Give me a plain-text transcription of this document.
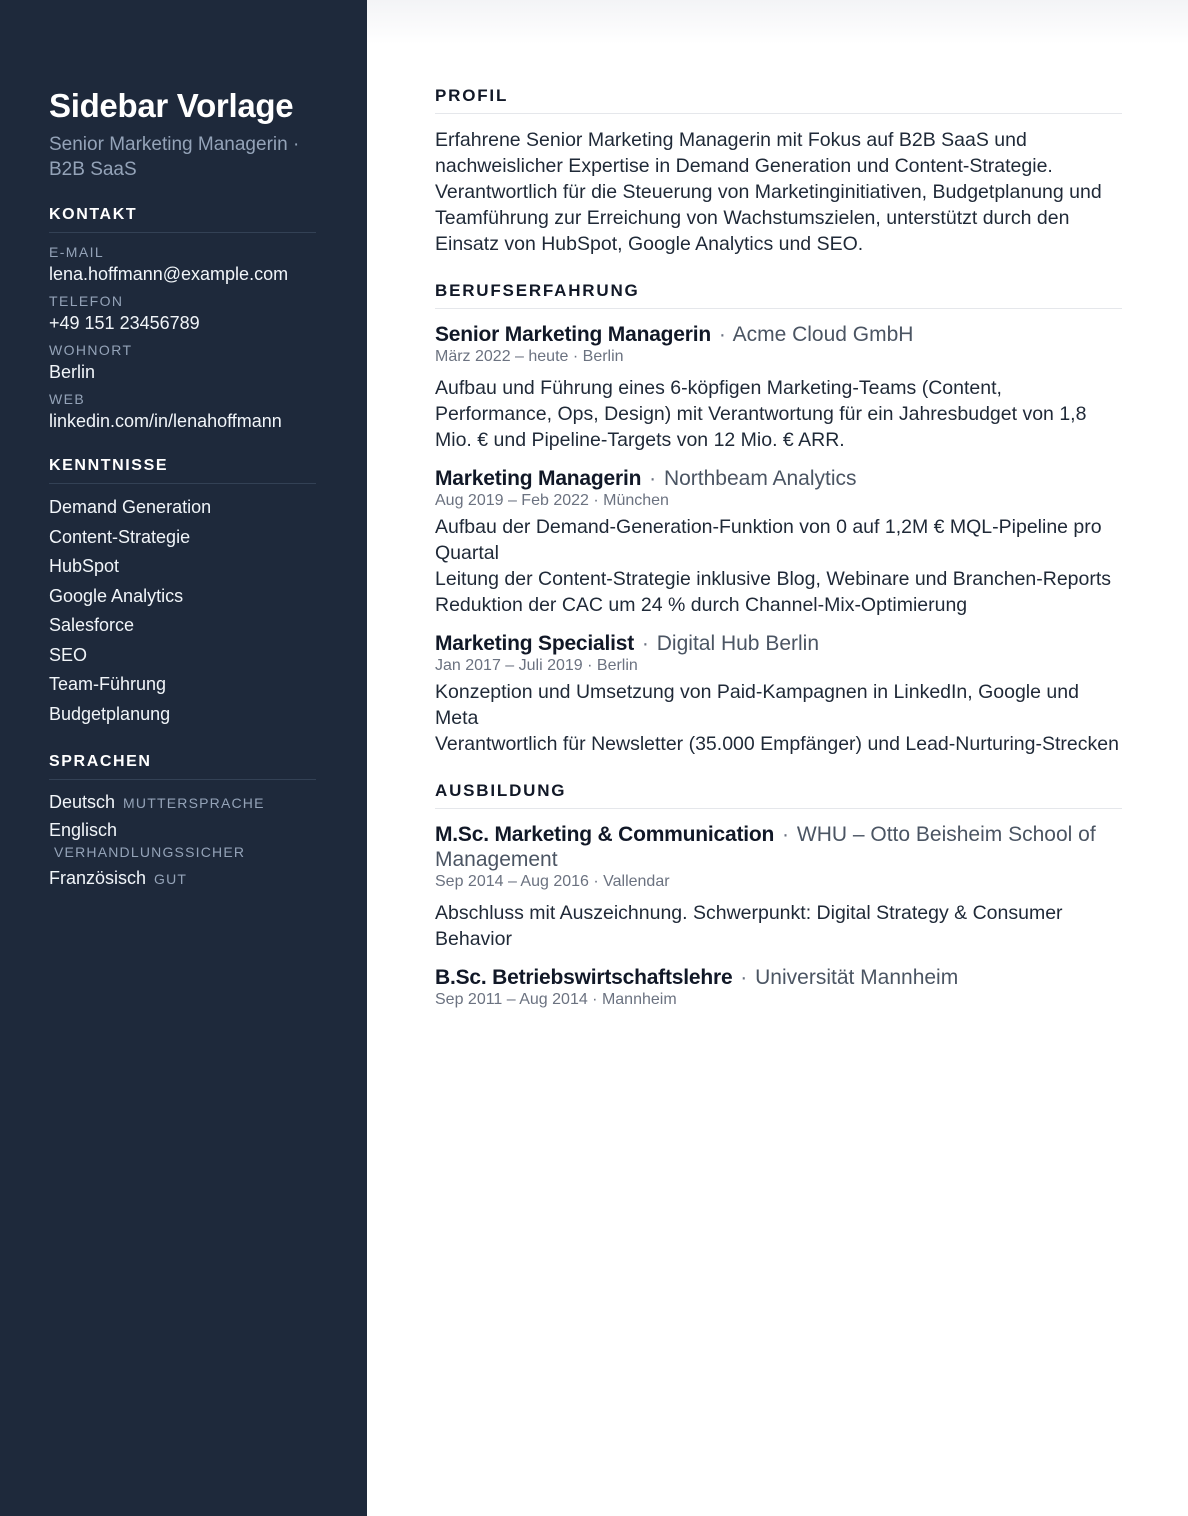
Sidebar Vorlage
Senior Marketing Managerin · B2B SaaS
KONTAKT
E-MAIL
lena.hoffmann@example.com
TELEFON
+49 151 23456789
WOHNORT
Berlin
WEB
linkedin.com/in/lenahoffmann
KENNTNISSE
Demand Generation
Content-Strategie
HubSpot
Google Analytics
Salesforce
SEO
Team-Führung
Budgetplanung
SPRACHEN
Deutsch MUTTERSPRACHE
Englisch
VERHANDLUNGSSICHER
Französisch GUT
PROFIL

Erfahrene Senior Marketing Managerin mit Fokus auf B2B SaaS und nachweislicher Expertise in Demand Generation und Content-Strategie. Verantwortlich für die Steuerung von Marketinginitiativen, Budgetplanung und Teamführung zur Erreichung von Wachstumszielen, unterstützt durch den Einsatz von HubSpot, Google Analytics und SEO.

BERUFSERFAHRUNG
Senior Marketing Managerin · Acme Cloud GmbH
März 2022 – heute · Berlin

Aufbau und Führung eines 6-köpfigen Marketing-Teams (Content, Performance, Ops, Design) mit Verantwortung für ein Jahresbudget von 1,8 Mio. € und Pipeline-Targets von 12 Mio. € ARR.

Marketing Managerin · Northbeam Analytics
Aug 2019 – Feb 2022 · München
Aufbau der Demand-Generation-Funktion von 0 auf 1,2M € MQL-Pipeline pro Quartal
Leitung der Content-Strategie inklusive Blog, Webinare und Branchen-Reports
Reduktion der CAC um 24 % durch Channel-Mix-Optimierung
Marketing Specialist · Digital Hub Berlin
Jan 2017 – Juli 2019 · Berlin
Konzeption und Umsetzung von Paid-Kampagnen in LinkedIn, Google und Meta
Verantwortlich für Newsletter (35.000 Empfänger) und Lead-Nurturing-Strecken
AUSBILDUNG
M.Sc. Marketing & Communication · WHU – Otto Beisheim School of Management
Sep 2014 – Aug 2016 · Vallendar

Abschluss mit Auszeichnung. Schwerpunkt: Digital Strategy & Consumer Behavior

B.Sc. Betriebswirtschaftslehre · Universität Mannheim
Sep 2011 – Aug 2014 · Mannheim
